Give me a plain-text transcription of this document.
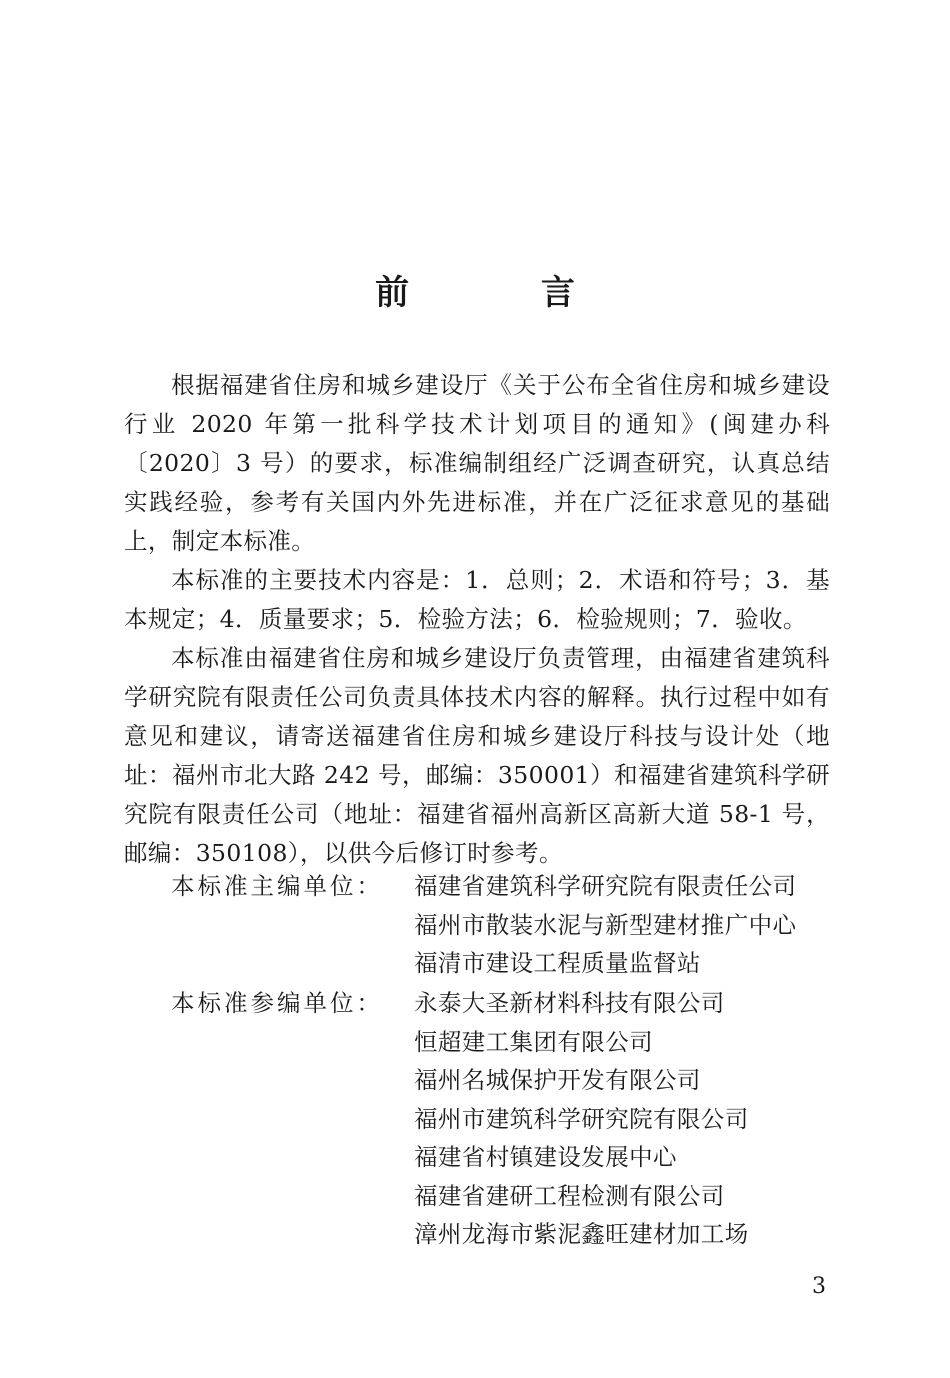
前 言

根据福建省住房和城乡建设厅《关于公布全省住房和城乡建设行业 2020 年第一批科学技术计划项目的通知》(闽建办科〔2020〕3 号）的要求，标准编制组经广泛调查研究，认真总结实践经验，参考有关国内外先进标准，并在广泛征求意见的基础上，制定本标准。

本标准的主要技术内容是：1．总则；2．术语和符号；3．基本规定；4．质量要求；5．检验方法；6．检验规则；7．验收。

本标准由福建省住房和城乡建设厅负责管理，由福建省建筑科学研究院有限责任公司负责具体技术内容的解释。执行过程中如有意见和建议，请寄送福建省住房和城乡建设厅科技与设计处（地址：福州市北大路 242 号，邮编：350001）和福建省建筑科学研究院有限责任公司（地址：福建省福州高新区高新大道 58-1 号，邮编：350108），以供今后修订时参考。

本标准主编单位：	福建省建筑科学研究院有限责任公司
福州市散装水泥与新型建材推广中心
福清市建设工程质量监督站
本标准参编单位：	永泰大圣新材料科技有限公司
恒超建工集团有限公司
福州名城保护开发有限公司
福州市建筑科学研究院有限公司
福建省村镇建设发展中心
福建省建研工程检测有限公司
漳州龙海市紫泥鑫旺建材加工场
3
